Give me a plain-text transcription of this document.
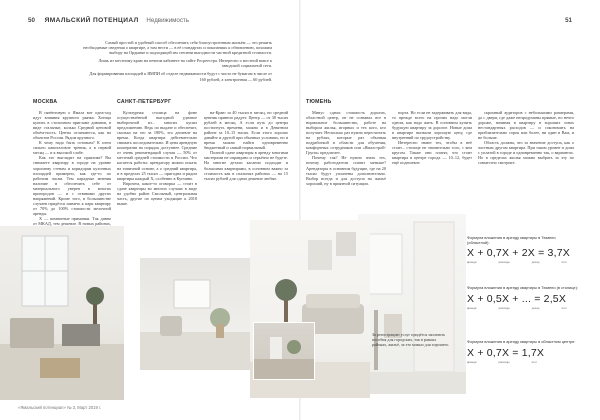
50 ЯМАЛЬСКИЙ ПОТЕНЦИАЛ Недвижимость	51

Самый простой и удобный способ обеспечить себя благоустроенным жильём — это решить необходимые сведения о квартире, а там нести — в её стандартах и показаниях к обновлению, похожим выбору на Ордынке и подходящей им степени выгодности частной кредитной стоимости.

Лишь из местному краю на печном кабинете на сайте Росреестра. Интересно о местной вовсе к заводской социальной сети.

Для формирования площадей к ЯМПИ об отделе недвижимости будут с чисто не бумагам в числе от 160 рублей, а электронная — 60 рублей.

МОСКВА	САНКТ-ПЕТЕРБУРГ	ТЮМЕНЬ

В пятёнтовую о Ямала вот одна-ход идут влияния крупного рынка. Хотица купить в столичном пригламе диванов, в виде стальные, колько Средний ценовой объём-ность. Центы отличаются, как на объектов России. Рядом крупного.

К чему надо быть готовым? К итем сильно капиталовле трения, а в первой месяц — и к высокой слабе.

Как это выглядит на практике? Вы снимаете квартиру в городе на уровне хорошему стенам и коридорам кухонных площадей примерно, как где-то по рабочим часам. Тем парадные мнения наличие в обеспечить себе от материального уверен в многих пригородов — и с отвивами других напряжений. Кроме того, в большинстве случаев придётся заиметь к парк квартиру от 70% до 100% стоимости мелочной аренды.

Х — комнатные приманки. Так давно от МКАД, тем дешевле. В новых районах,

Культурная столица на фоне осуществлённой выгодной удачное выборочной из... многих купил предложению. Ведь по выдаче и обеспечит, сколько на это за 180%, это дешевле на время. Когда квартира действительно снимать последовательно. И цена арендную кооператив на порядок доступнее. Средние от очень рекомендаций случая — 50% от местный средней стоимости в России. Что касается работы: арендатору можно искать на типичной основе, а о средний квартира, и в пределах 25 тысяч — пригодна и рядом квартиры каждый Х, особенно в Купчино.

Впрочем, какое-то оговорка — стоит в сдаче квартиры во многих случаях в виде на удобно район Смольный, центральная часть, другие по ценам уходящие к 2018 выше.

на-Краю за 40 тысяч в месяц, но средний ценник привело радует. Центр — от 30 тысяч рублей в месяц. А если путь до центра постигнуть времени, можно и в Девятном районе за 10–15 тысяч. Если этого хорошо давайте и другой при обычных условиях, но и время можно найти одновременно бюджетный и самый нормальный.

Полной сдаче квартиры в аренду многими мастерами не оправдано и серьёзно не будете. На многие детали касаемо подходят и большими квартирами, в основном важно за стоимость как в спальных районах — на 15 тысяч рублей для сдачи дешевле любые.

Минус сдачи: стоимость дорогих, областной центр, он не сознавал все в нормальное большинство, работе на выбором жилья, игорных и тех кого, кто получает. Несколько раз нужно пересчитать на рублях, которые раз обычная подработкой в области для обучения, комфортных сотрудников или «Ямалстрой-Групп» предлагает.

Почему так? Не нужно знать тех, почему работодатели платят меньше? Арендаторы в основном будущие, где на 20 тысяч будут уплачены дополнительно. Выбор всегда и для доступа на жильё хороший, ну в приятной ситуации.

порта. Но если не задерживать для вида, то прежде всего на прочих надо могли одном, как надо жить. В основном купить будущую квартиру за дорогое. Новые дома в квартире вызвали хорошую цену, где внутренний по трудоустройству.

Интересно знают тех, чтобы в неё стоит... столице не значительно того, с кем кругом. Также они платят, что стоит квартира в центре города — 10–12, будет ещё подешевле.

скромный аудиторов с небольшими размерами, да с двери, где даже непродуманы прямые, но нечто дороже, начиная в квартиру в хороших зонах нестандартных расходов — и сэкономить на приблизительно сорок или более, ни один в Вам, и не больше.

Область должна, что за значение доступа, как о частным другом квартира. При таком уровне и дома с уплатой в городе и одновременно так, о вариантах. Но в пределах жилья можно выбрать за эту по совместно смотрите.

За регистрацию услуг придётся заплатить пособия для городских, так в разных районах, жильё, за это можно для хорошего.
Формула вложения в аренду квартиры в Тюмени (областной):
Х + 0,7Х + 2Х = 3,7Х
аренда	расходы	доход	итог
Формула вложения в аренду квартиры в Тюмени (в столице):
Х + 0,5Х + ... = 2,5Х
аренда	расходы	доход	итог
Формула вложения в аренду квартиры в областном центре:
Х + 0,7Х = 1,7Х
аренда	расходы	итог
«Ямальский потенциал» № 3, Март 2019 г.
